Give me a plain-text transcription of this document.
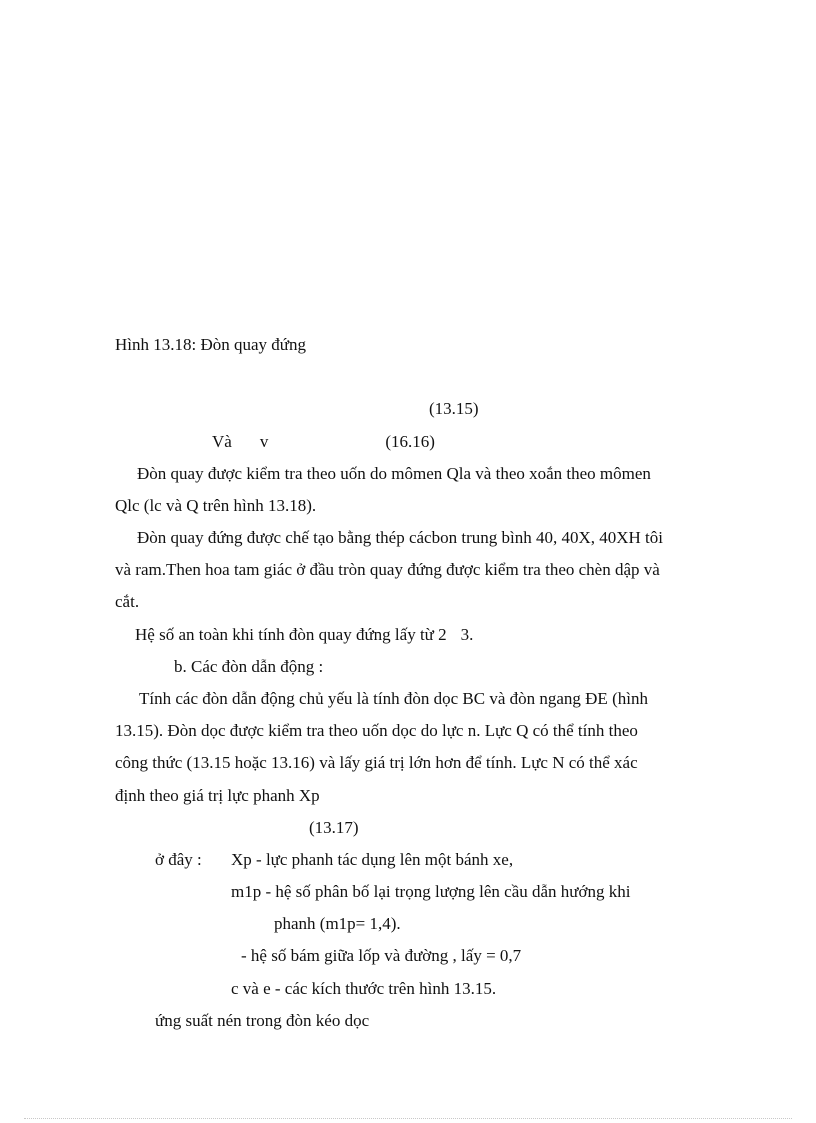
Hình 13.18: Đòn quay đứng
(13.15)
Và v	(16.16)
Đòn quay được kiểm tra theo uốn do mômen Qla và theo xoắn theo mômen
Qlc (lc và Q trên hình 13.18).
Đòn quay đứng được chế tạo bằng thép cácbon trung bình 40, 40X, 40XH tôi
và ram.Then hoa tam giác ở đầu tròn quay đứng được kiểm tra theo chèn dập và
cắt.
Hệ số an toàn khi tính đòn quay đứng lấy từ 2 3.
b. Các đòn dẫn động :
Tính các đòn dẫn động chủ yếu là tính đòn dọc BC và đòn ngang ĐE (hình
13.15). Đòn dọc được kiểm tra theo uốn dọc do lực n. Lực Q có thể tính theo
công thức (13.15 hoặc 13.16) và lấy giá trị lớn hơn để tính. Lực N có thể xác
định theo giá trị lực phanh Xp
(13.17)
ở đây : Xp - lực phanh tác dụng lên một bánh xe,
m1p - hệ số phân bố lại trọng lượng lên cầu dẫn hướng khi
phanh (m1p= 1,4).
- hệ số bám giữa lốp và đường , lấy = 0,7
c và e - các kích thước trên hình 13.15.
ứng suất nén trong đòn kéo dọc
